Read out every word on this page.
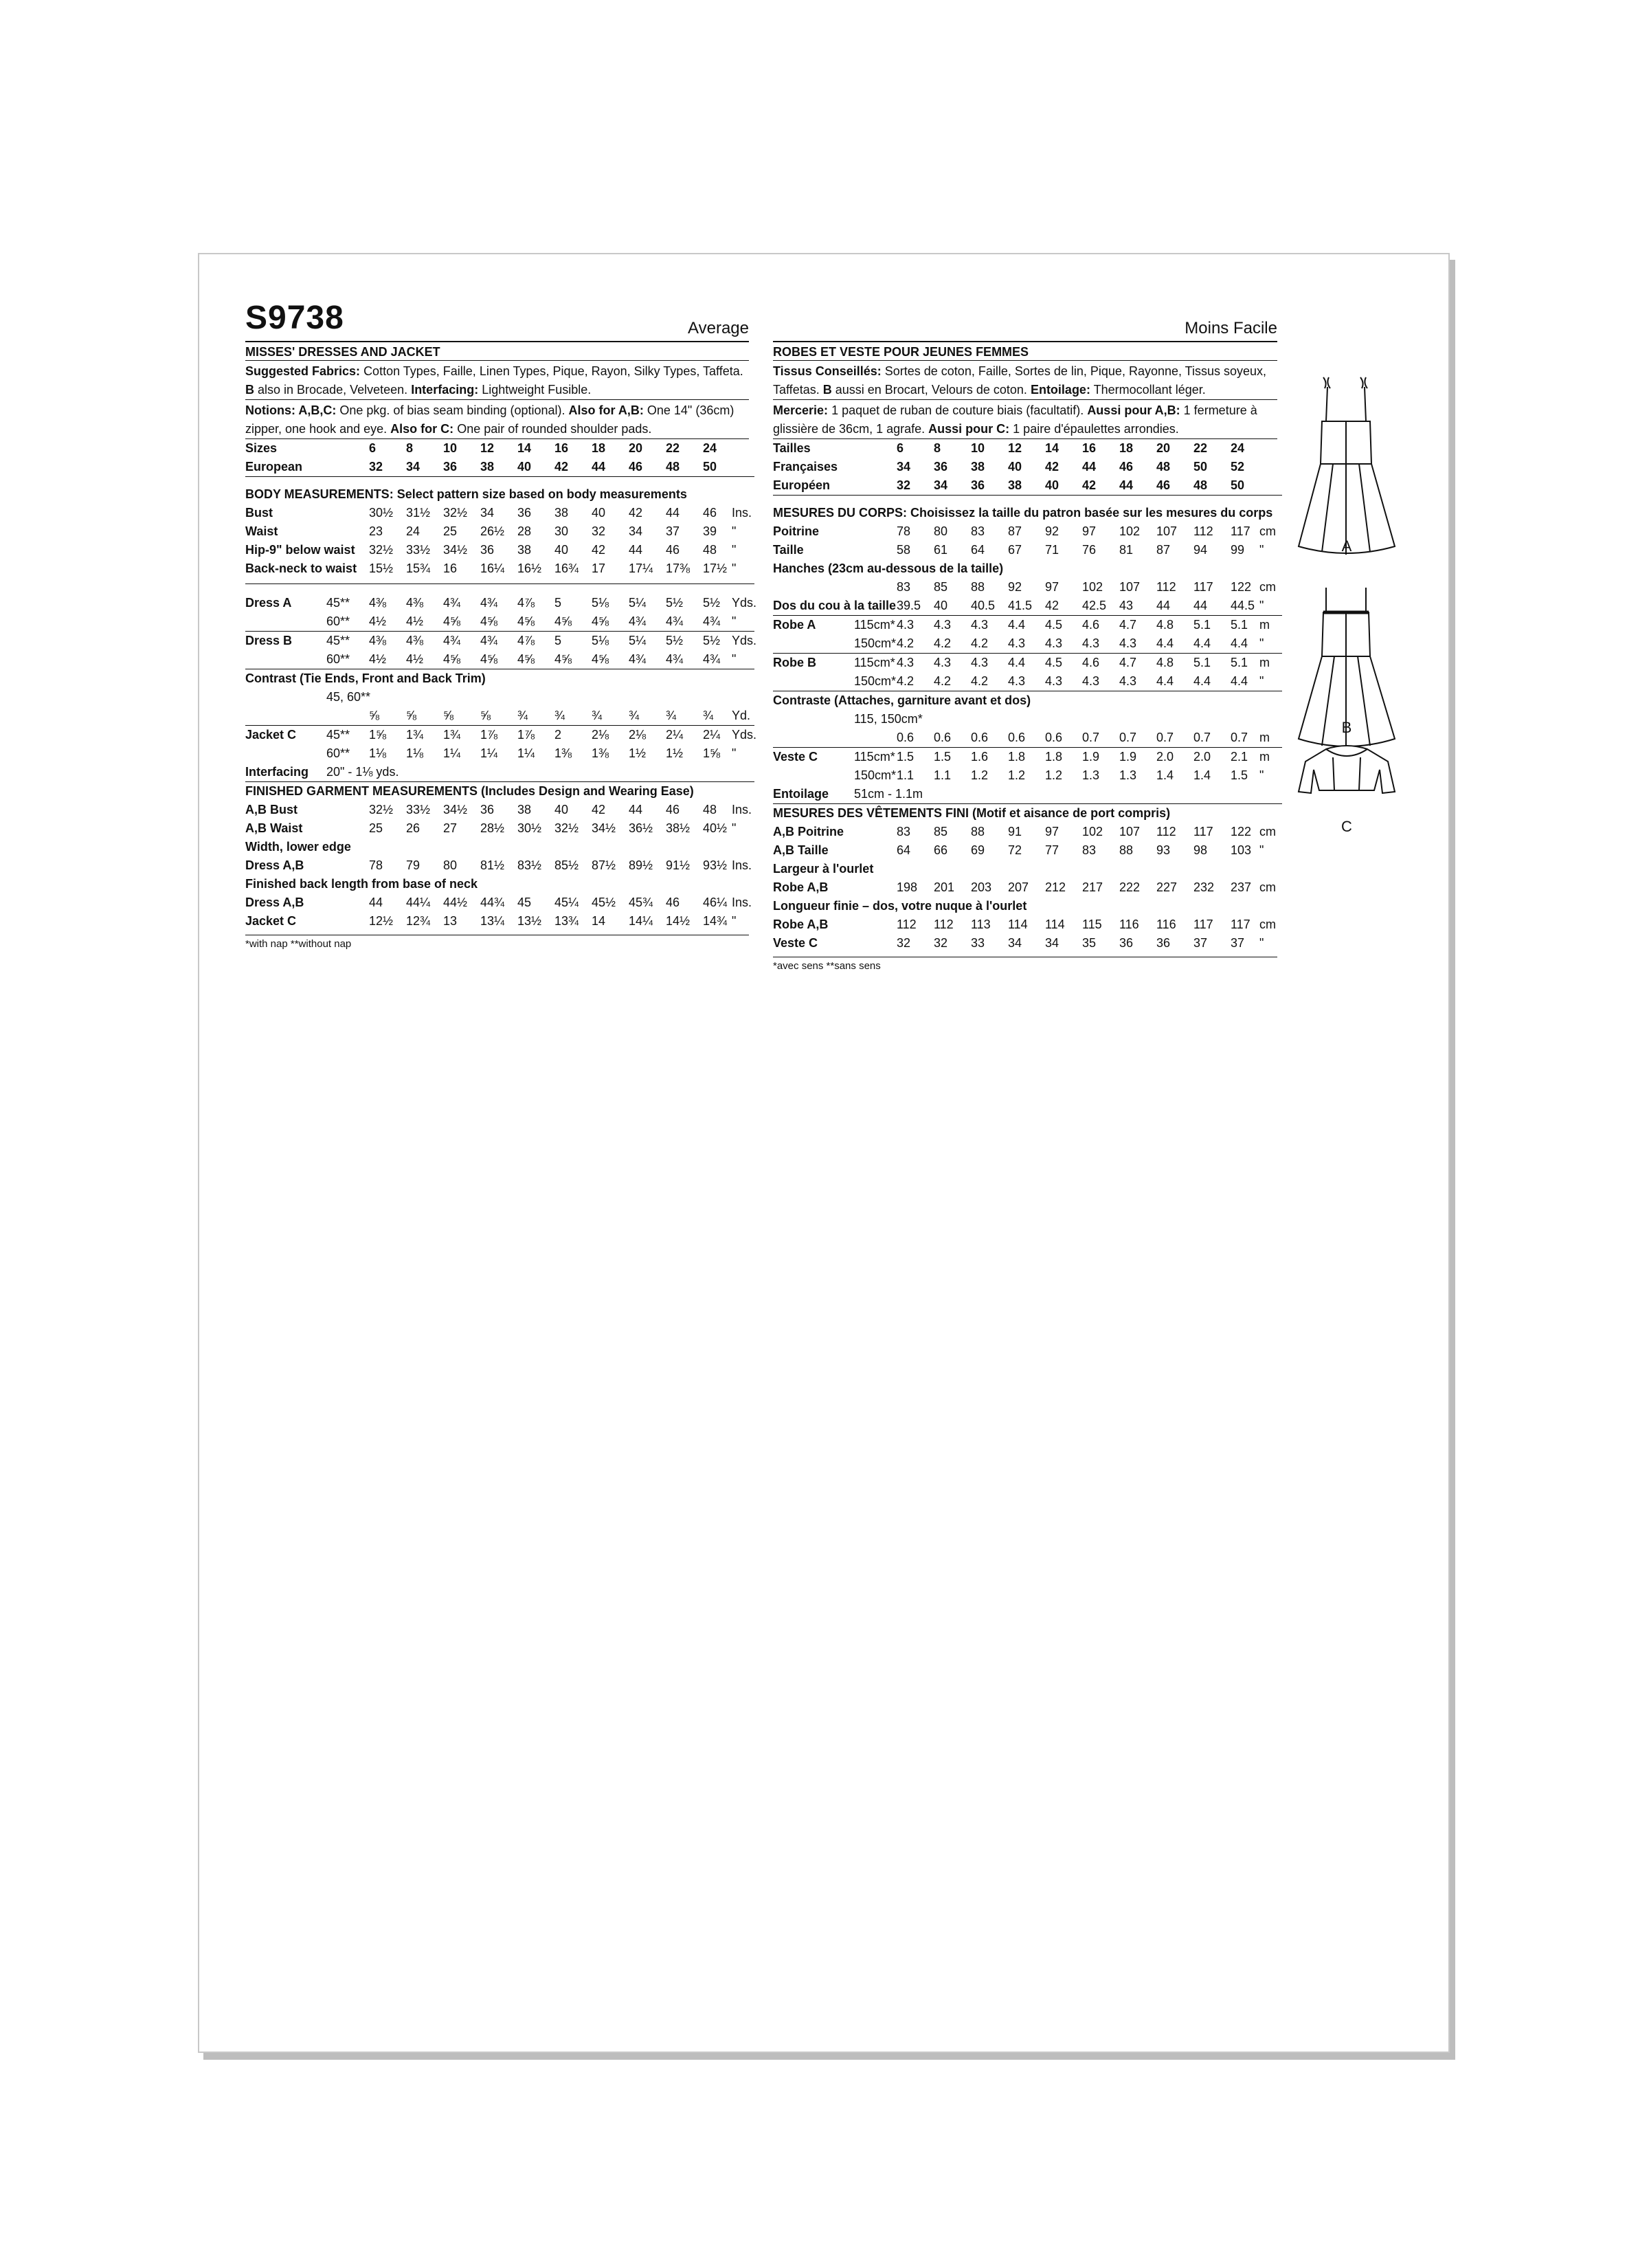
S9738	Average
MISSES' DRESSES AND JACKET
Suggested Fabrics: Cotton Types, Faille, Linen Types, Pique, Rayon, Silky Types, Taffeta.
B also in Brocade, Velveteen. Interfacing: Lightweight Fusible.
Notions: A,B,C: One pkg. of bias seam binding (optional). Also for A,B: One 14" (36cm) zipper, one hook and eye. Also for C: One pair of rounded shoulder pads.
Sizes		6	8	10	12	14	16	18	20	22	24	
European		32	34	36	38	40	42	44	46	48	50	

BODY MEASUREMENTS: Select pattern size based on body measurements												
Bust		30½	31½	32½	34	36	38	40	42	44	46	Ins.
Waist		23	24	25	26½	28	30	32	34	37	39	"
Hip-9" below waist		32½	33½	34½	36	38	40	42	44	46	48	"
Back-neck to waist		15½	15¾	16	16¼	16½	16¾	17	17¼	17⅜	17½	"

Dress A	45**	4⅜	4⅜	4¾	4¾	4⅞	5	5⅛	5¼	5½	5½	Yds.
	60**	4½	4½	4⅝	4⅝	4⅝	4⅝	4⅝	4¾	4¾	4¾	"
Dress B	45**	4⅜	4⅜	4¾	4¾	4⅞	5	5⅛	5¼	5½	5½	Yds.
	60**	4½	4½	4⅝	4⅝	4⅝	4⅝	4⅝	4¾	4¾	4¾	"
Contrast (Tie Ends, Front and Back Trim)												
	45, 60**											
		⅝	⅝	⅝	⅝	¾	¾	¾	¾	¾	¾	Yd.
Jacket C	45**	1⅝	1¾	1¾	1⅞	1⅞	2	2⅛	2⅛	2¼	2¼	Yds.
	60**	1⅛	1⅛	1¼	1¼	1¼	1⅜	1⅜	1½	1½	1⅝	"
Interfacing	20" - 1⅛ yds.											
FINISHED GARMENT MEASUREMENTS (Includes Design and Wearing Ease)												
A,B Bust		32½	33½	34½	36	38	40	42	44	46	48	Ins.
A,B Waist		25	26	27	28½	30½	32½	34½	36½	38½	40½	"
Width, lower edge												
Dress A,B		78	79	80	81½	83½	85½	87½	89½	91½	93½	Ins.
Finished back length from base of neck												
Dress A,B		44	44¼	44½	44¾	45	45¼	45½	45¾	46	46¼	Ins.
Jacket C		12½	12¾	13	13¼	13½	13¾	14	14¼	14½	14¾	"
*with nap **without nap
Moins Facile
ROBES ET VESTE POUR JEUNES FEMMES
Tissus Conseillés: Sortes de coton, Faille, Sortes de lin, Pique, Rayonne, Tissus soyeux, Taffetas. B aussi en Brocart, Velours de coton. Entoilage: Thermocollant léger.
Mercerie: 1 paquet de ruban de couture biais (facultatif). Aussi pour A,B: 1 fermeture à glissière de 36cm, 1 agrafe. Aussi pour C: 1 paire d'épaulettes arrondies.
Tailles		6	8	10	12	14	16	18	20	22	24	
Françaises		34	36	38	40	42	44	46	48	50	52	
Européen		32	34	36	38	40	42	44	46	48	50	

MESURES DU CORPS: Choisissez la taille du patron basée sur les mesures du corps												
Poitrine		78	80	83	87	92	97	102	107	112	117	cm
Taille		58	61	64	67	71	76	81	87	94	99	"
Hanches (23cm au-dessous de la taille)												
		83	85	88	92	97	102	107	112	117	122	cm
Dos du cou à la taille		39.5	40	40.5	41.5	42	42.5	43	44	44	44.5	"
Robe A	115cm*	4.3	4.3	4.3	4.4	4.5	4.6	4.7	4.8	5.1	5.1	m
	150cm*	4.2	4.2	4.2	4.3	4.3	4.3	4.3	4.4	4.4	4.4	"
Robe B	115cm*	4.3	4.3	4.3	4.4	4.5	4.6	4.7	4.8	5.1	5.1	m
	150cm*	4.2	4.2	4.2	4.3	4.3	4.3	4.3	4.4	4.4	4.4	"
Contraste (Attaches, garniture avant et dos)												
	115, 150cm*											
		0.6	0.6	0.6	0.6	0.6	0.7	0.7	0.7	0.7	0.7	m
Veste C	115cm*	1.5	1.5	1.6	1.8	1.8	1.9	1.9	2.0	2.0	2.1	m
	150cm*	1.1	1.1	1.2	1.2	1.2	1.3	1.3	1.4	1.4	1.5	"
Entoilage	51cm - 1.1m											
MESURES DES VÊTEMENTS FINI (Motif et aisance de port compris)												
A,B Poitrine		83	85	88	91	97	102	107	112	117	122	cm
A,B Taille		64	66	69	72	77	83	88	93	98	103	"
Largeur à l'ourlet												
Robe A,B		198	201	203	207	212	217	222	227	232	237	cm
Longueur finie – dos, votre nuque à l'ourlet												
Robe A,B		112	112	113	114	114	115	116	116	117	117	cm
Veste C		32	32	33	34	34	35	36	36	37	37	"
*avec sens **sans sens
A
B
C
